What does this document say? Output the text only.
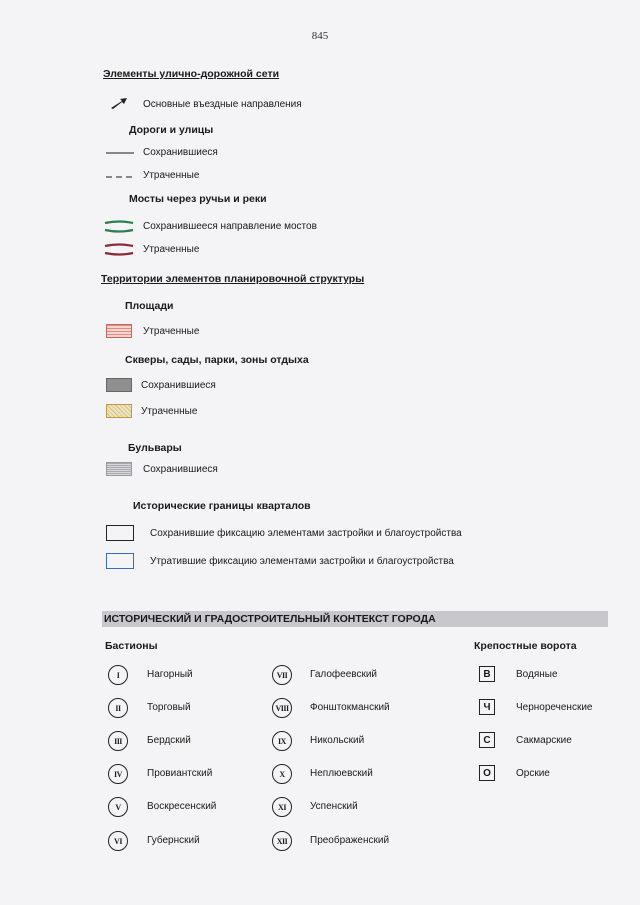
845
Элементы улично-дорожной сети
Основные въездные направления
Дороги и улицы
Сохранившиеся
Утраченные
Мосты через ручьи и реки
Сохранившееся направление мостов
Утраченные
Территории элементов планировочной структуры
Площади
Утраченные
Скверы, сады, парки, зоны отдыха
Сохранившиеся
Утраченные
Бульвары
Сохранившиеся
Исторические границы кварталов
Сохранившие фиксацию элементами застройки и благоустройства
Утратившие фиксацию элементами застройки и благоустройства
ИСТОРИЧЕСКИЙ И ГРАДОСТРОИТЕЛЬНЫЙ КОНТЕКСТ ГОРОДА
Бастионы	Крепостные ворота
I	Нагорный
II	Торговый
III	Бердский
IV	Провиантский
V	Воскресенский
VI	Губернский
VII	Галофеевский
VIII	Фонштокманский
IX	Никольский
X	Неплюевский
XI	Успенский
XII	Преображенский
В	Водяные
Ч	Чернореченские
С	Сакмарские
О	Орские
